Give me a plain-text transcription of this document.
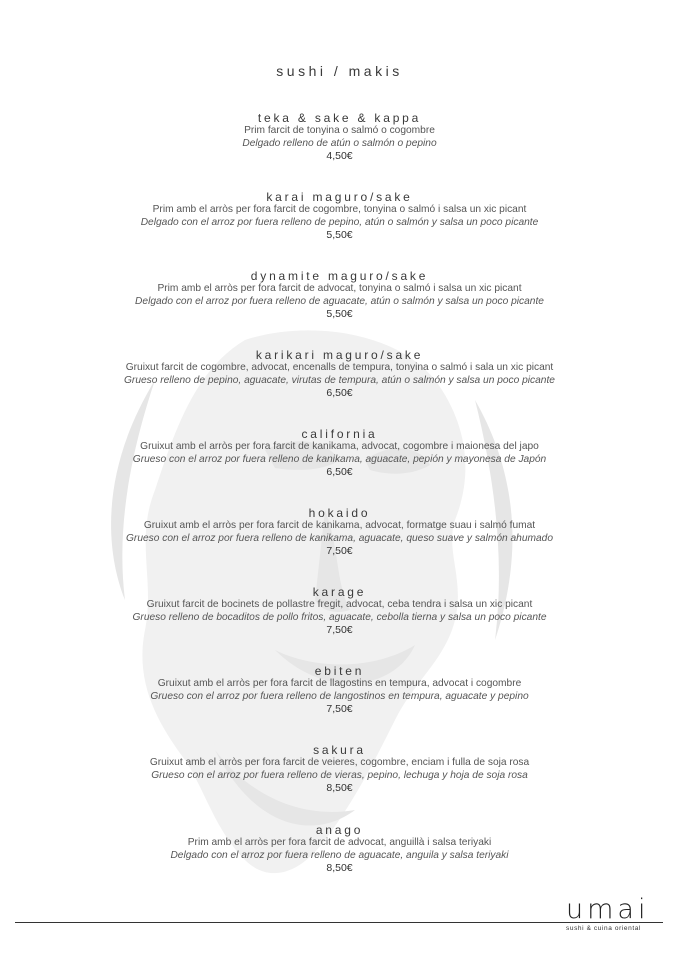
sushi / makis
teka & sake & kappa
Prim farcit de tonyina o salmó o cogombre
Delgado relleno de atún o salmón o pepino
4,50€
karai maguro/sake
Prim amb el arròs per fora farcit de cogombre, tonyina o salmó i salsa un xic picant
Delgado con el arroz por fuera relleno de pepino, atún o salmón y salsa un poco picante
5,50€
dynamite maguro/sake
Prim amb el arròs per fora farcit de advocat, tonyina o salmó i salsa un xic picant
Delgado con el arroz por fuera relleno de aguacate, atún o salmón y salsa un poco picante
5,50€
karikari maguro/sake
Gruixut farcit de cogombre, advocat, encenalls de tempura, tonyina o salmó i sala un xic picant
Grueso relleno de pepino, aguacate, virutas de tempura, atún o salmón y salsa un poco picante
6,50€
california
Gruixut amb el arròs per fora farcit de kanikama, advocat, cogombre i maionesa del japo
Grueso con el arroz por fuera relleno de kanikama, aguacate, pepión y mayonesa de Japón
6,50€
hokaido
Gruixut amb el arròs per fora farcit de kanikama, advocat, formatge suau i salmó fumat
Grueso con el arroz por fuera relleno de kanikama, aguacate, queso suave y salmón ahumado
7,50€
karage
Gruixut farcit de bocinets de pollastre fregit, advocat, ceba tendra i salsa un xic picant
Grueso relleno de bocaditos de pollo fritos, aguacate, cebolla tierna y salsa un poco picante
7,50€
ebiten
Gruixut amb el arròs per fora farcit de llagostins en tempura, advocat i cogombre
Grueso con el arroz por fuera relleno de langostinos en tempura, aguacate y pepino
7,50€
sakura
Gruixut amb el arròs per fora farcit de veieres, cogombre, enciam i fulla de soja rosa
Grueso con el arroz por fuera relleno de vieras, pepino, lechuga y hoja de soja rosa
8,50€
anago
Prim amb el arròs per fora farcit de advocat, anguillà i salsa teriyaki
Delgado con el arroz por fuera relleno de aguacate, anguila y salsa teriyaki
8,50€
umai
sushi & cuina oriental
